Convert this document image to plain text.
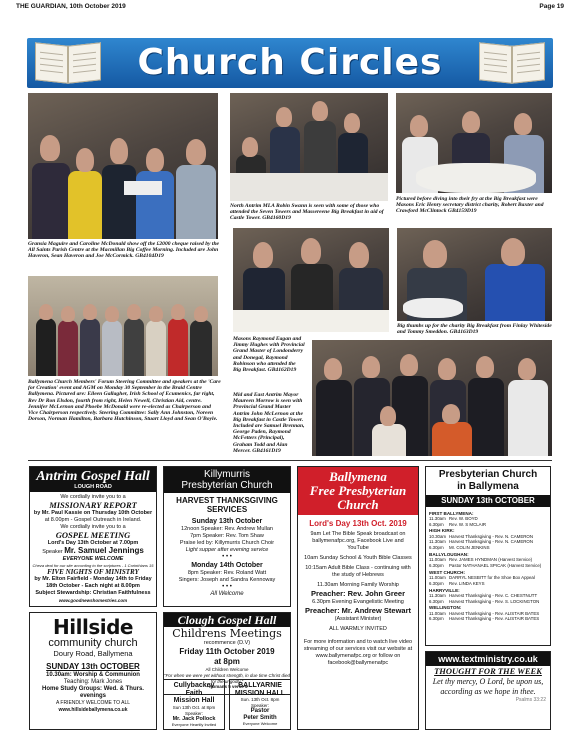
THE GUARDIAN, 10th October 2019	Page 19
Church Circles
Gransia Maguire and Caroline McDonald show off the £2000 cheque raised by the All Saints Parish Centre at the Macmillan Big Coffee Morning. Included are John Haveron, Sean Haveron and Joe McCormick. GB4104D19
North Antrim MLA Robin Swann is seen with some of those who attended the Seven Towers and Massereene Big Breakfast in aid of Castle Tower. GB4160D19
Pictured before diving into their fry at the Big Breakfast were Masons Eric Henry secretary district charity, Robert Baxter and Crawford McClintock GB4159D19
Big thumbs up for the charity Big Breakfast from Finlay Whiteside and Tommy Smeddon. GB4163D19
Ballymena Church Members' Forum Steering Committee and speakers at the 'Care for Creation' event and AGM on Monday 30 September in the Braid Centre Ballymena. Pictured are: Eileen Gallagher, Irish School of Ecumenics, far right, Rev Dr Ron Elsdon, fourth from right, Helen Newell, Christian Aid, centre. Jennifer McLernon and Phoebe McDonald were re-elected as Chairperson and Vice Chairperson respectively. Steering Committee: Sally Ann Johnston, Noreen Dorson, Norman Hamilton, Barbara Hutchinson, Stuart Lloyd and Sean O'Boyle.
Masons Raymond Eagan and Jimmy Hughes with Provincial Grand Master of Londonderry and Donegal, Raymond Robinson who attended the Big Breakfast. GB4162D19
Mid and East Antrim Mayor Maureen Morrow is seen with Provincial Grand Master Antrim John McLernon at the Big Breakfast in Castle Tower. Included are Samuel Brennan, George Paden, Raymond McFetters (Principal), Graham Todd and Alan Mercer. GB4161D19
Antrim Gospel Hall
LOUGH ROAD
We cordially invite you to a
MISSIONARY REPORT
by Mr. Paul Kassie on Thursday 10th October
at 8.00pm - Gospel Outreach in Ireland.
We cordially invite you to a
GOSPEL MEETING
Lord's Day 13th October at 7.00pm
Speaker Mr. Samuel Jennings
EVERYONE WELCOME
Cheza deal for our site according to the scriptures - 1 Corinthians 15
FIVE NIGHTS OF MINISTRY
by Mr. Elton Fairfield - Monday 14th to Friday
18th October - Each night at 8.00pm
Subject Stewardship: Christian Faithfulness
www.goodnewshomestries.com
Killymurris
Presbyterian Church
HARVEST THANKSGIVING SERVICES
Sunday 13th October
12noon Speaker: Rev. Andrew Mullan
7pm Speaker: Rev. Tom Shaw
Praise led by: Killymurris Church Choir
Light supper after evening service
• • •
Monday 14th October
8pm Speaker: Rev. Roland Watt
Singers: Joseph and Sandra Kennoway
• • •
All Welcome
Ballymena
Free Presbyterian
Church
Lord's Day 13th Oct. 2019
9am Let The Bible Speak broadcast on ballymenafpc.org, Facebook Live and YouTube
10am Sunday School & Youth Bible Classes
10:15am Adult Bible Class - continuing with the study of Hebrews
11.30am Morning Family Worship
Preacher: Rev. John Greer
6.30pm Evening Evangelistic Meeting
Preacher: Mr. Andrew Stewart
(Assistant Minister)
ALL WARMLY INVITED
For more information and to watch live video streaming of our services visit our website at www.ballymenafpc.org or follow on facebook@ballymenafpc
Presbyterian Church
in Ballymena
SUNDAY 13th OCTOBER
FIRST BALLYMENA:
11.30am Rev. W. BOYD
6.30pm	Rev. W. S MCLAIR
HIGH KIRK:
10.30am Harvest Thanksgiving - Rev. N. CAMERON
11.30am Harvest Thanksgiving - Rev. N. CAMERON
6.30pm	Mr. COLIN JENKINS
BALLYLOUGHAN:
11.00am Rev. JAMES HYNDMAN (Harvest Service)
6.30pm	Pastor NATHANAEL SPICAK (Harvest Service)
WEST CHURCH:
11.00am DARRYL NESBITT for the Shoe Box Appeal
6.30pm	Rev. LINDA KEYS
HARRYVILLE:
11.30am Harvest Thanksgiving - Rev. C. CHESTNUTT
6.30pm	Harvest Thanksgiving - Rev. S. LOCKINGTON
WELLINGTON:
11.00am Harvest Thanksgiving - Rev. ALISTAIR BATES
6.30pm	Harvest Thanksgiving - Rev. ALISTAIR BATES
Hillside
community church
Doury Road, Ballymena
SUNDAY 13th OCTOBER
10.30am: Worship & Communion
Teaching: Mark Jones
Home Study Groups: Wed. & Thurs. evenings
A FRIENDLY WELCOME TO ALL
www.hillsideballymena.co.uk
Clough Gospel Hall
Childrens Meetings
recommence (D.V)
Friday 11th October 2019
at 8pm
All Children Welcome
"For when we were yet without strength, in due time Christ died for the ungodly."
- Romans 5 verse 6
Cullybackey
Faith
Mission Hall
Sun 13th Oct. at 8pm
Speaker:
Mr. Jack Pollock
Everyone Heartily Invited
BALLYARNIE
MISSION HALL
Sun. 13th Oct. 8pm
Speaker:
Pastor
Peter Smith
Everyone Welcome
www.textministry.co.uk
THOUGHT FOR THE WEEK
Let thy mercy, O Lord, be upon us, according as we hope in thee.
Psalms 33:22
